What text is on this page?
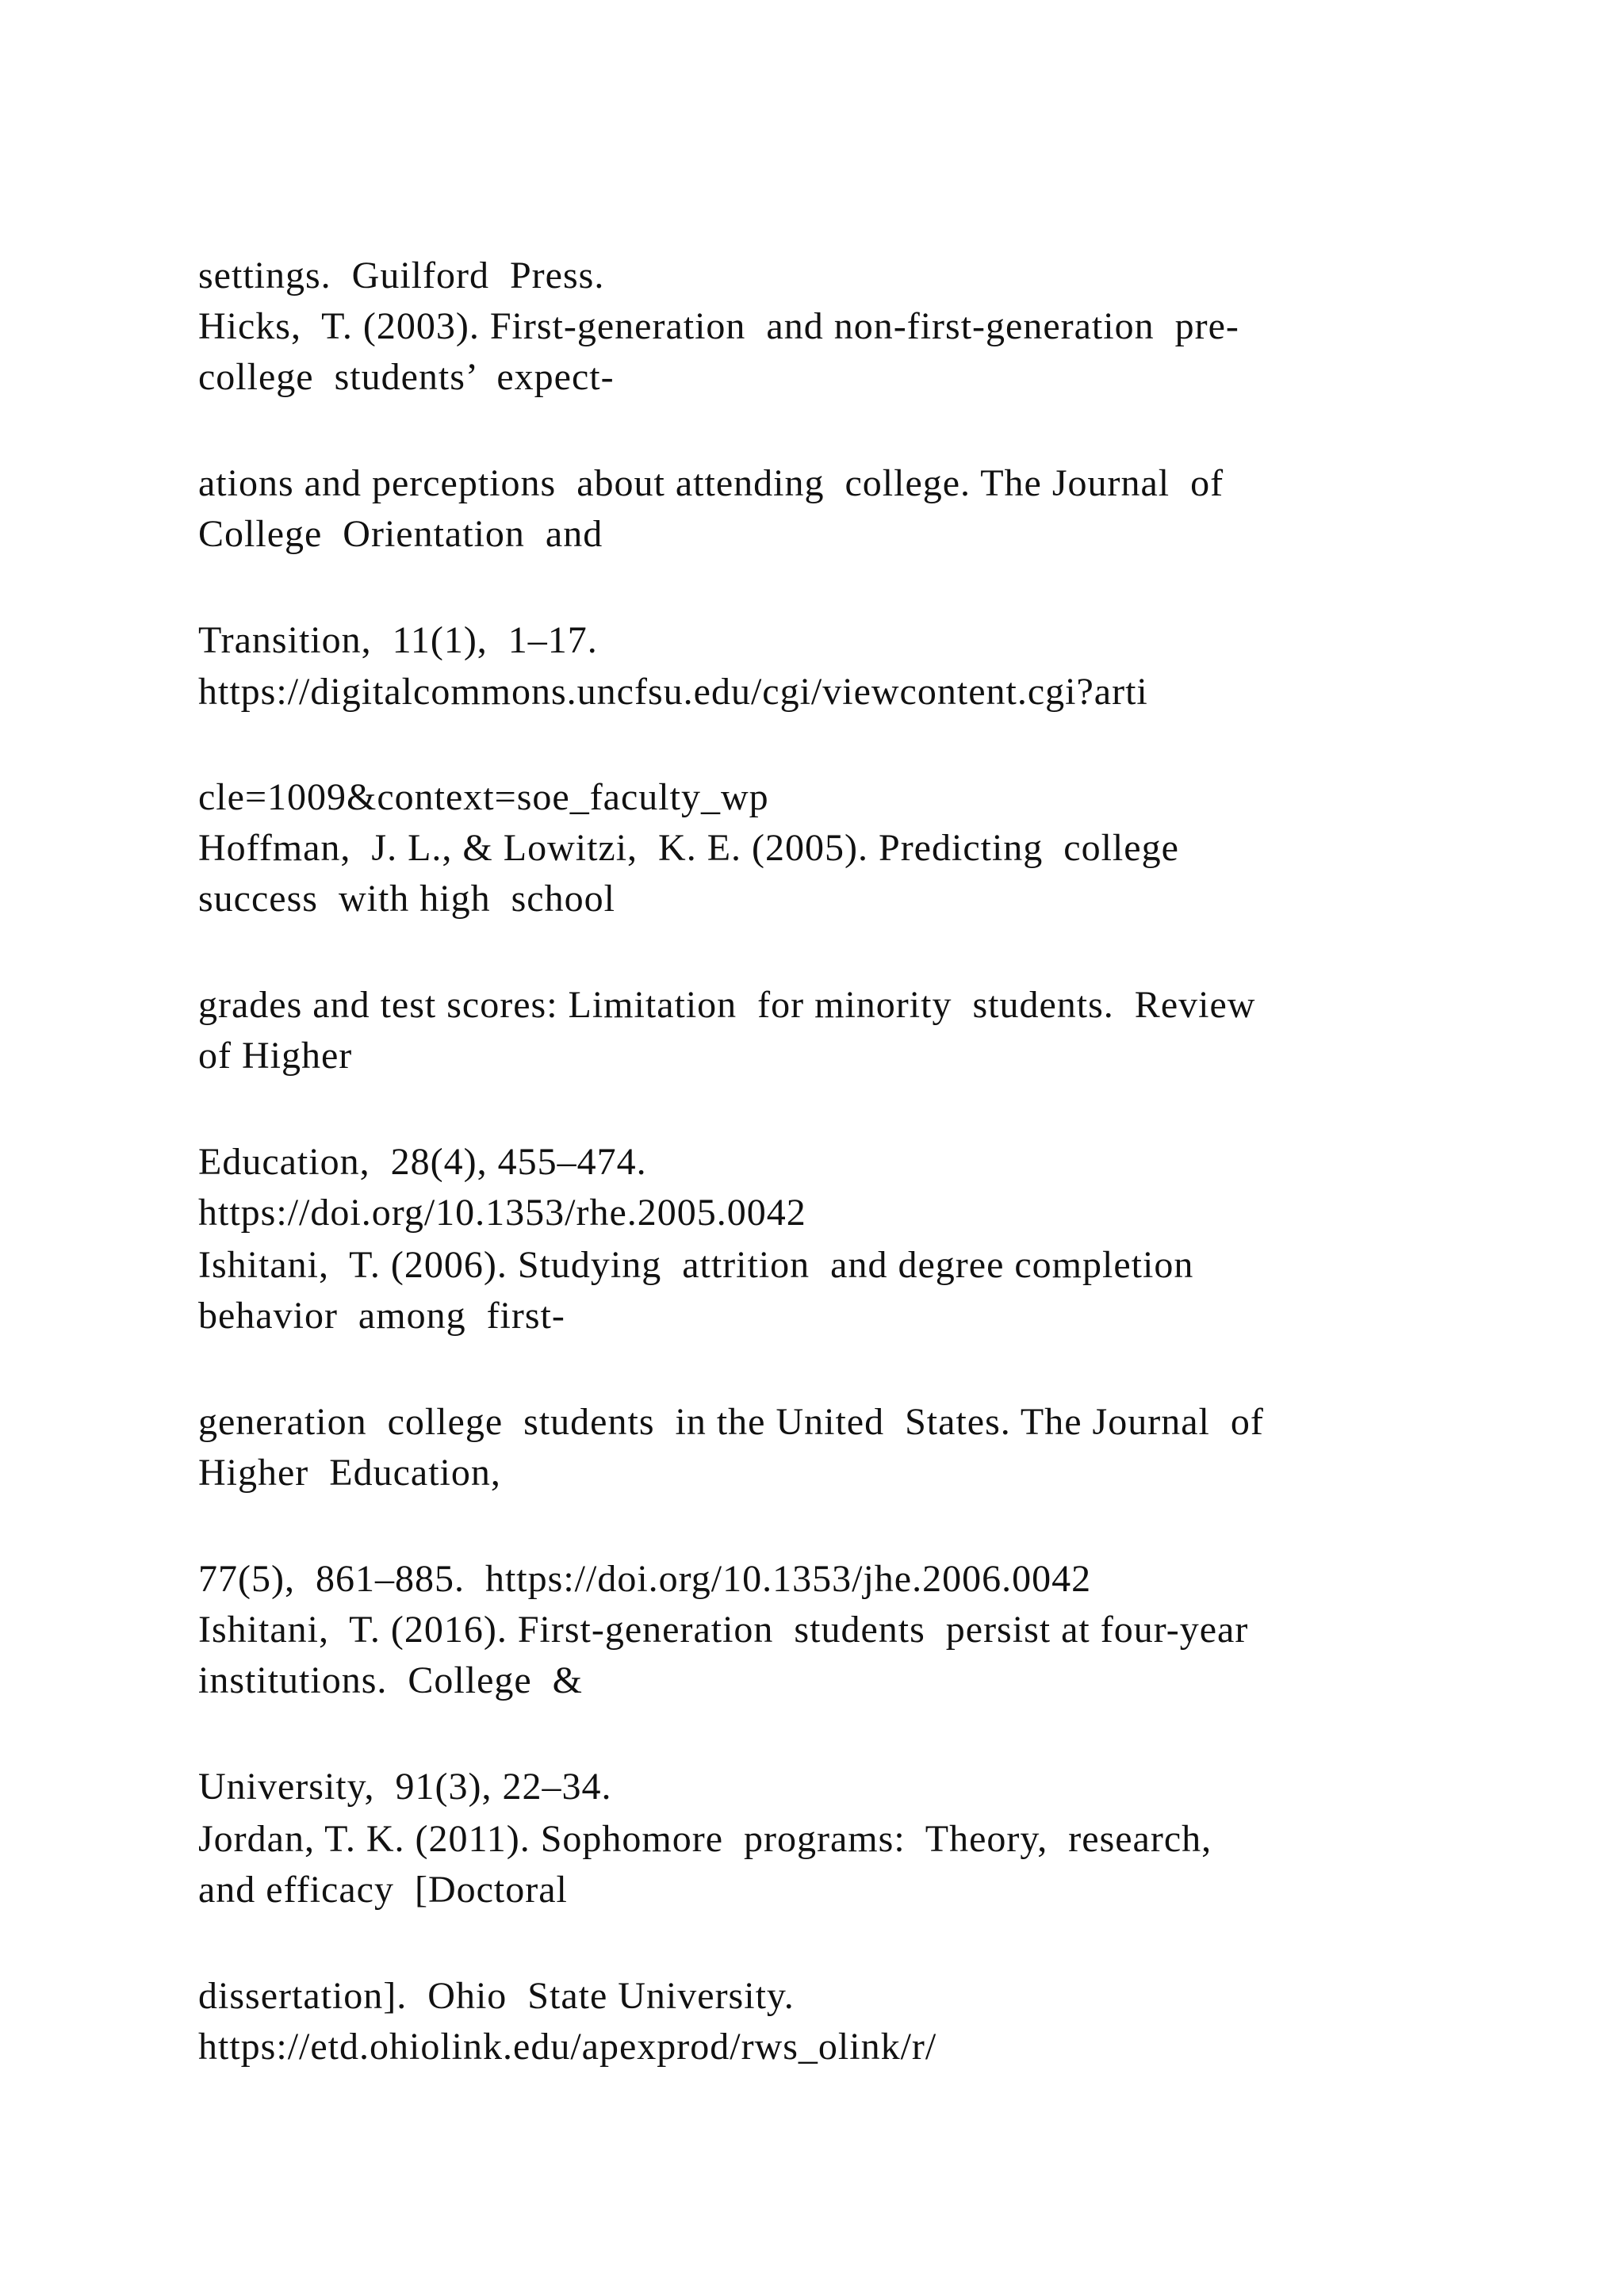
settings.  Guilford  Press.

Hicks,  T. (2003). First-generation  and non-first-generation  pre-

college  students’  expect-

ations and perceptions  about attending  college. The Journal  of

College  Orientation  and

Transition,  11(1),  1–17.

https://digitalcommons.uncfsu.edu/cgi/viewcontent.cgi?arti

cle=1009&context=soe_faculty_wp

Hoffman,  J. L., & Lowitzi,  K. E. (2005). Predicting  college

success  with high  school

grades and test scores: Limitation  for minority  students.  Review

of Higher

Education,  28(4), 455–474.

https://doi.org/10.1353/rhe.2005.0042

Ishitani,  T. (2006). Studying  attrition  and degree completion

behavior  among  first-

generation  college  students  in the United  States. The Journal  of

Higher  Education,

77(5),  861–885.  https://doi.org/10.1353/jhe.2006.0042

Ishitani,  T. (2016). First-generation  students  persist at four-year

institutions.  College  &

University,  91(3), 22–34.

Jordan, T. K. (2011). Sophomore  programs:  Theory,  research,

and efficacy  [Doctoral

dissertation].  Ohio  State University.

https://etd.ohiolink.edu/apexprod/rws_olink/r/
